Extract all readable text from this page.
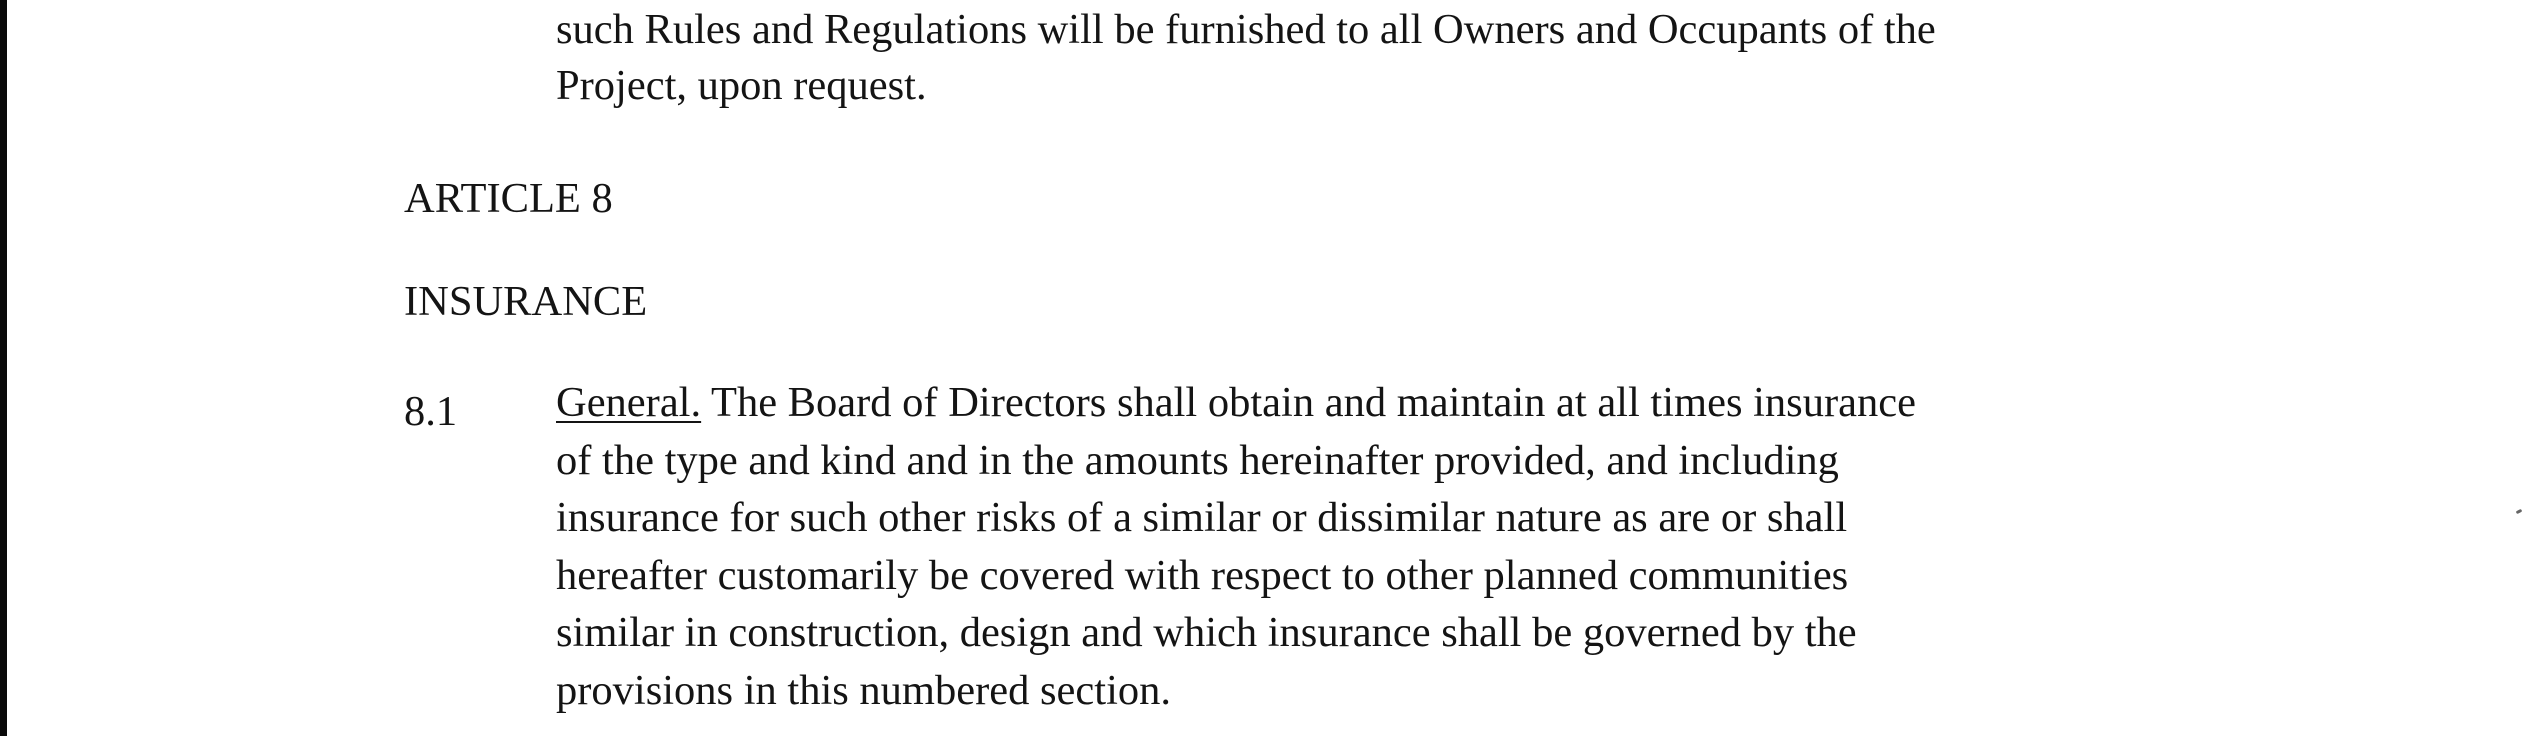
such Rules and Regulations will be furnished to all Owners and Occupants of the
Project, upon request.
ARTICLE 8
INSURANCE
8.1 General. The Board of Directors shall obtain and maintain at all times insurance
of the type and kind and in the amounts hereinafter provided, and including
insurance for such other risks of a similar or dissimilar nature as are or shall
hereafter customarily be covered with respect to other planned communities
similar in construction, design and which insurance shall be governed by the
provisions in this numbered section.
